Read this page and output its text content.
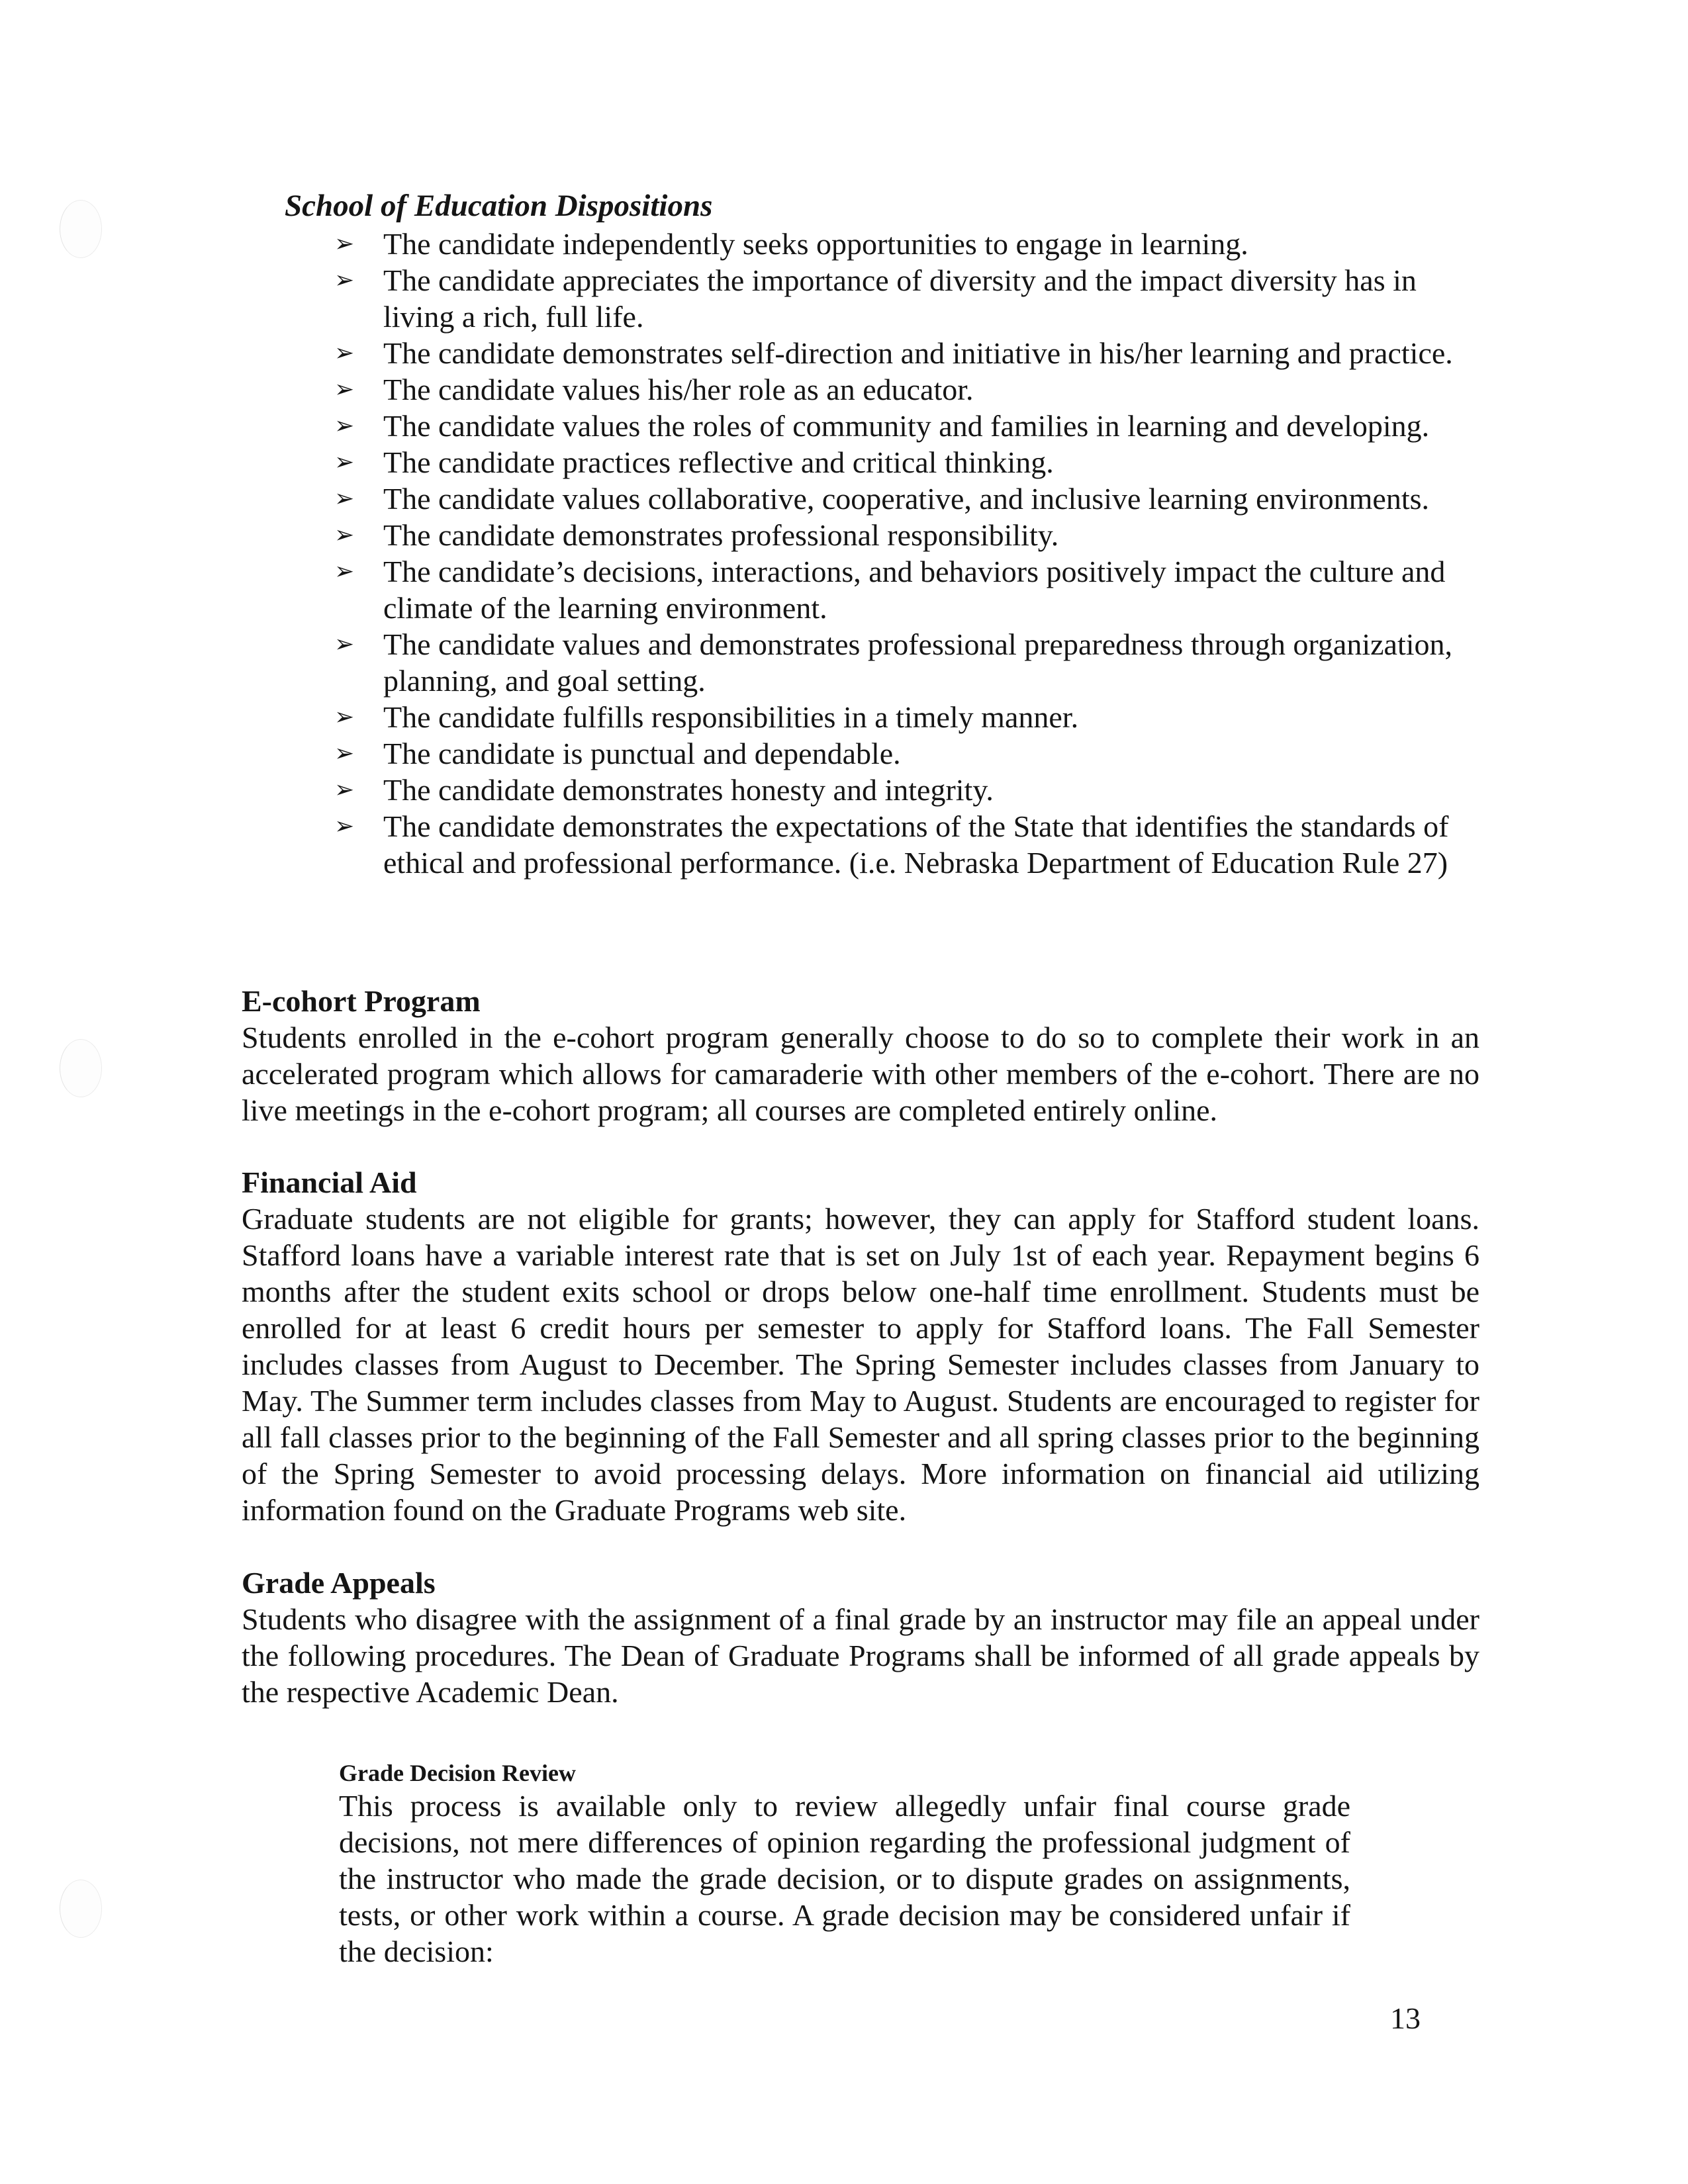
School of Education Dispositions
➢ The candidate independently seeks opportunities to engage in learning.
➢ The candidate appreciates the importance of diversity and the impact diversity has in living a rich, full life.
➢ The candidate demonstrates self-direction and initiative in his/her learning and practice.
➢ The candidate values his/her role as an educator.
➢ The candidate values the roles of community and families in learning and developing.
➢ The candidate practices reflective and critical thinking.
➢ The candidate values collaborative, cooperative, and inclusive learning environments.
➢ The candidate demonstrates professional responsibility.
➢ The candidate’s decisions, interactions, and behaviors positively impact the culture and climate of the learning environment.
➢ The candidate values and demonstrates professional preparedness through organization, planning, and goal setting.
➢ The candidate fulfills responsibilities in a timely manner.
➢ The candidate is punctual and dependable.
➢ The candidate demonstrates honesty and integrity.
➢ The candidate demonstrates the expectations of the State that identifies the standards of ethical and professional performance. (i.e. Nebraska Department of Education Rule 27)
E-cohort Program

Students enrolled in the e-cohort program generally choose to do so to complete their work in an accelerated program which allows for camaraderie with other members of the e-cohort. There are no live meetings in the e-cohort program; all courses are completed entirely online.

Financial Aid

Graduate students are not eligible for grants; however, they can apply for Stafford student loans. Stafford loans have a variable interest rate that is set on July 1st of each year. Repayment begins 6 months after the student exits school or drops below one-half time enrollment. Students must be enrolled for at least 6 credit hours per semester to apply for Stafford loans. The Fall Semester includes classes from August to December. The Spring Semester includes classes from January to May. The Summer term includes classes from May to August. Students are encouraged to register for all fall classes prior to the beginning of the Fall Semester and all spring classes prior to the beginning of the Spring Semester to avoid processing delays. More information on financial aid utilizing information found on the Graduate Programs web site.

Grade Appeals

Students who disagree with the assignment of a final grade by an instructor may file an appeal under the following procedures. The Dean of Graduate Programs shall be informed of all grade appeals by the respective Academic Dean.

Grade Decision Review

This process is available only to review allegedly unfair final course grade decisions, not mere differences of opinion regarding the professional judgment of the instructor who made the grade decision, or to dispute grades on assignments, tests, or other work within a course. A grade decision may be considered unfair if the decision:

13
